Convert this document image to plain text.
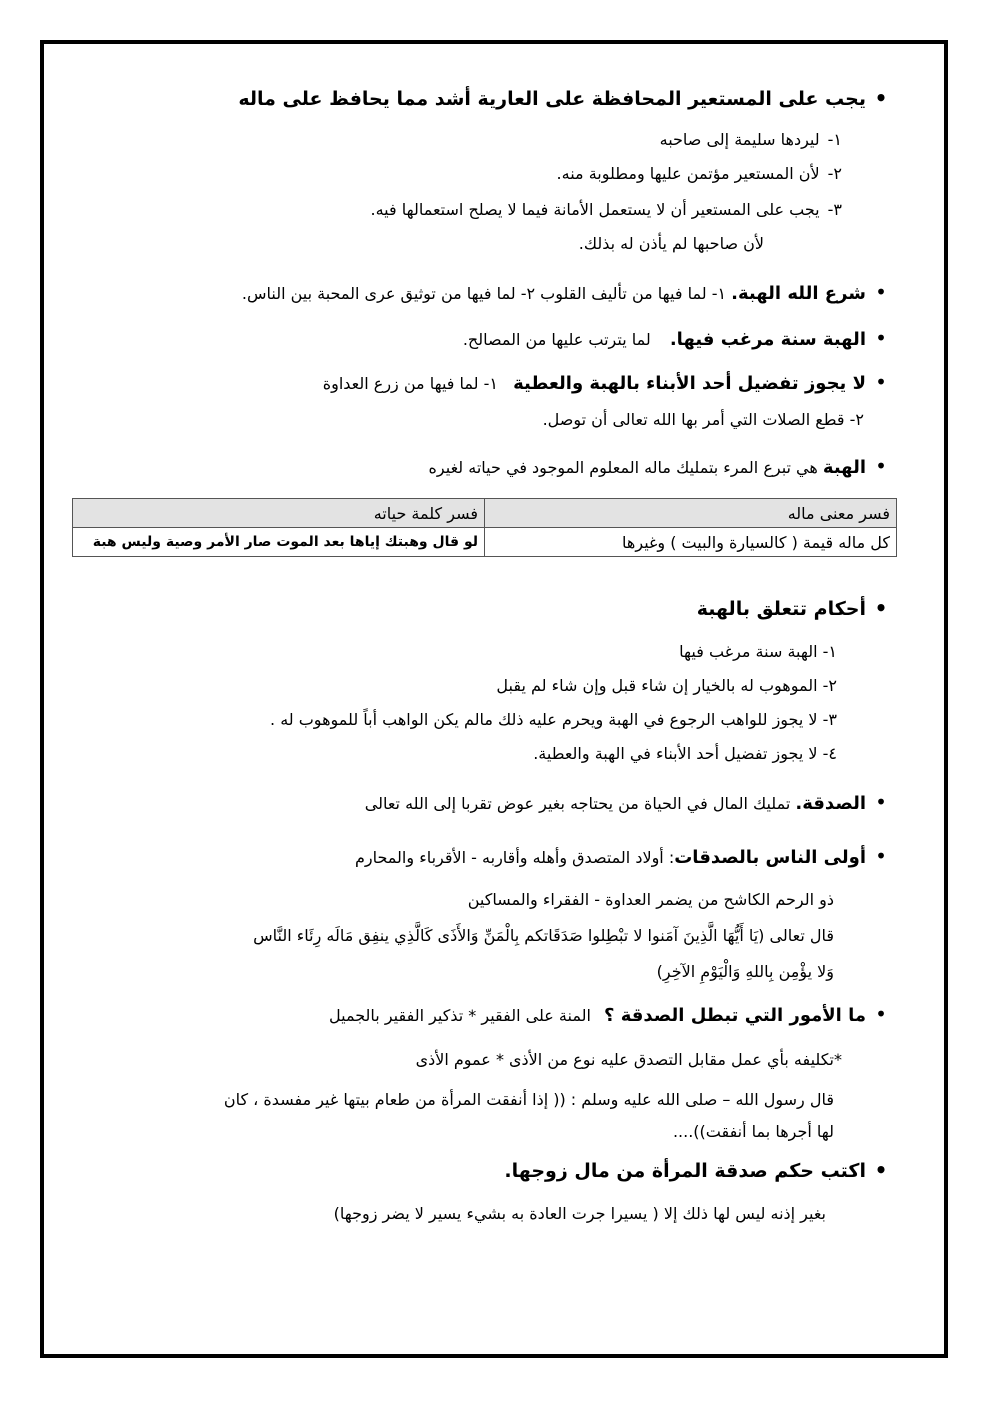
•يجب على المستعير المحافظة على العارية أشد مما يحافظ على ماله
١-ليردها سليمة إلى صاحبه
٢-لأن المستعير مؤتمن عليها ومطلوبة منه.
٣-يجب على المستعير أن لا يستعمل الأمانة فيما لا يصلح استعمالها فيه.
لأن صاحبها لم يأذن له بذلك.
•شرع الله الهبة. ١- لما فيها من تأليف القلوب ٢- لما فيها من توثيق عرى المحبة بين الناس.
•الهبة سنة مرغب فيها. لما يترتب عليها من المصالح.
•لا يجوز تفضيل أحد الأبناء بالهبة والعطية ١- لما فيها من زرع العداوة
٢- قطع الصلات التي أمر بها الله تعالى أن توصل.
•الهبة هي تبرع المرء بتمليك ماله المعلوم الموجود في حياته لغيره
فسر معنى ماله	فسر كلمة حياته
كل ماله قيمة ( كالسيارة والبيت ) وغيرها	لو قال وهبتك إياها بعد الموت صار الأمر وصية وليس هبة
•أحكام تتعلق بالهبة
١- الهبة سنة مرغب فيها
٢- الموهوب له بالخيار إن شاء قبل وإن شاء لم يقبل
٣- لا يجوز للواهب الرجوع في الهبة ويحرم عليه ذلك مالم يكن الواهب أباً للموهوب له .
٤- لا يجوز تفضيل أحد الأبناء في الهبة والعطية.
•الصدقة. تمليك المال في الحياة من يحتاجه بغير عوض تقربا إلى الله تعالى
•أولى الناس بالصدقات: أولاد المتصدق وأهله وأقاربه - الأقرباء والمحارم
ذو الرحم الكاشح من يضمر العداوة - الفقراء والمساكين
قال تعالى (يَا أَيُّهَا الَّذِينَ آمَنوا لا تبْطِلوا صَدَقَاتكم بِالْمَنِّ وَالأَذَى كَالَّذِي ينفِق مَالَه رِئَاء النَّاس
وَلا يؤْمِن بِاللهِ وَالْيَوْمِ الآخِرِ)
•ما الأمور التي تبطل الصدقة ؟ المنة على الفقير * تذكير الفقير بالجميل
*تكليفه بأي عمل مقابل التصدق عليه نوع من الأذى * عموم الأذى
قال رسول الله – صلى الله عليه وسلم : (( إذا أنفقت المرأة من طعام بيتها غير مفسدة ، كان
لها أجرها بما أنفقت))....
•اكتب حكم صدقة المرأة من مال زوجها.
بغير إذنه ليس لها ذلك إلا ( يسيرا جرت العادة به بشيء يسير لا يضر زوجها)
